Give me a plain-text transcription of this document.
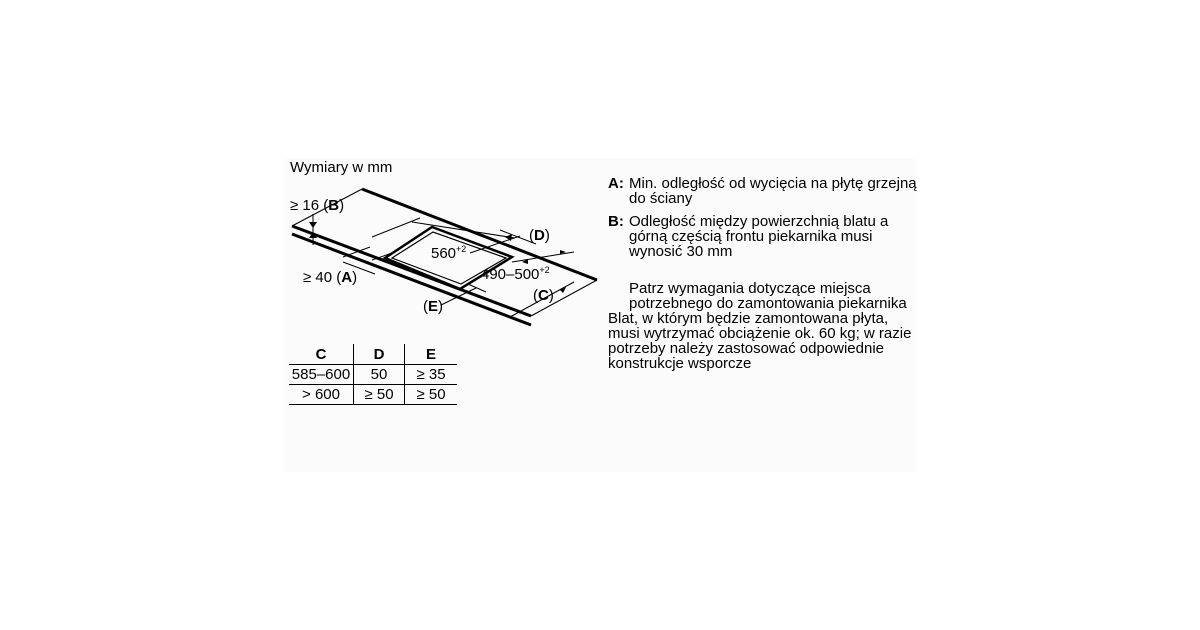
Wymiary w mm
≥ 16 (B)
≥ 40 (A)
(D)
(C)
(E)
$560^{+2}$
$490-500^{+2}$
C	D	E
585–600	50	≥ 35
> 600	≥ 50	≥ 50
A: Min. odległość od wycięcia na płytę grzejną do ściany
B: Odległość między powierzchnią blatu a górną częścią frontu piekarnika musi wynosić 30 mm
Patrz wymagania dotyczące miejsca potrzebnego do zamontowania piekarnika
Blat, w którym będzie zamontowana płyta, musi wytrzymać obciążenie ok. 60 kg; w razie potrzeby należy zastosować odpowiednie konstrukcje wsporcze
